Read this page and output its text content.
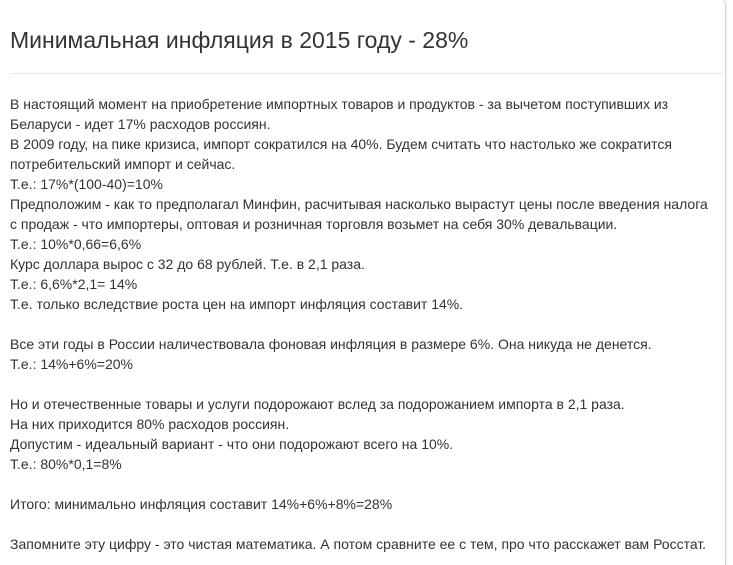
Минимальная инфляция в 2015 году - 28%

В настоящий момент на приобретение импортных товаров и продуктов - за вычетом поступивших из
Беларуси - идет 17% расходов россиян.
В 2009 году, на пике кризиса, импорт сократился на 40%. Будем считать что настолько же сократится
потребительский импорт и сейчас.
Т.е.: 17%*(100-40)=10%
Предположим - как то предполагал Минфин, расчитывая насколько вырастут цены после введения налога
с продаж - что импортеры, оптовая и розничная торговля возьмет на себя 30% девальвации.
Т.е.: 10%*0,66=6,6%
Курс доллара вырос с 32 до 68 рублей. Т.е. в 2,1 раза.
Т.е.: 6,6%*2,1= 14%
Т.е. только вследствие роста цен на импорт инфляция составит 14%.

Все эти годы в России наличествовала фоновая инфляция в размере 6%. Она никуда не денется.
Т.е.: 14%+6%=20%

Но и отечественные товары и услуги подорожают вслед за подорожанием импорта в 2,1 раза.
На них приходится 80% расходов россиян.
Допустим - идеальный вариант - что они подорожают всего на 10%.
Т.е.: 80%*0,1=8%

Итого: минимально инфляция составит 14%+6%+8%=28%

Запомните эту цифру - это чистая математика. А потом сравните ее с тем, про что расскажет вам Росстат.
